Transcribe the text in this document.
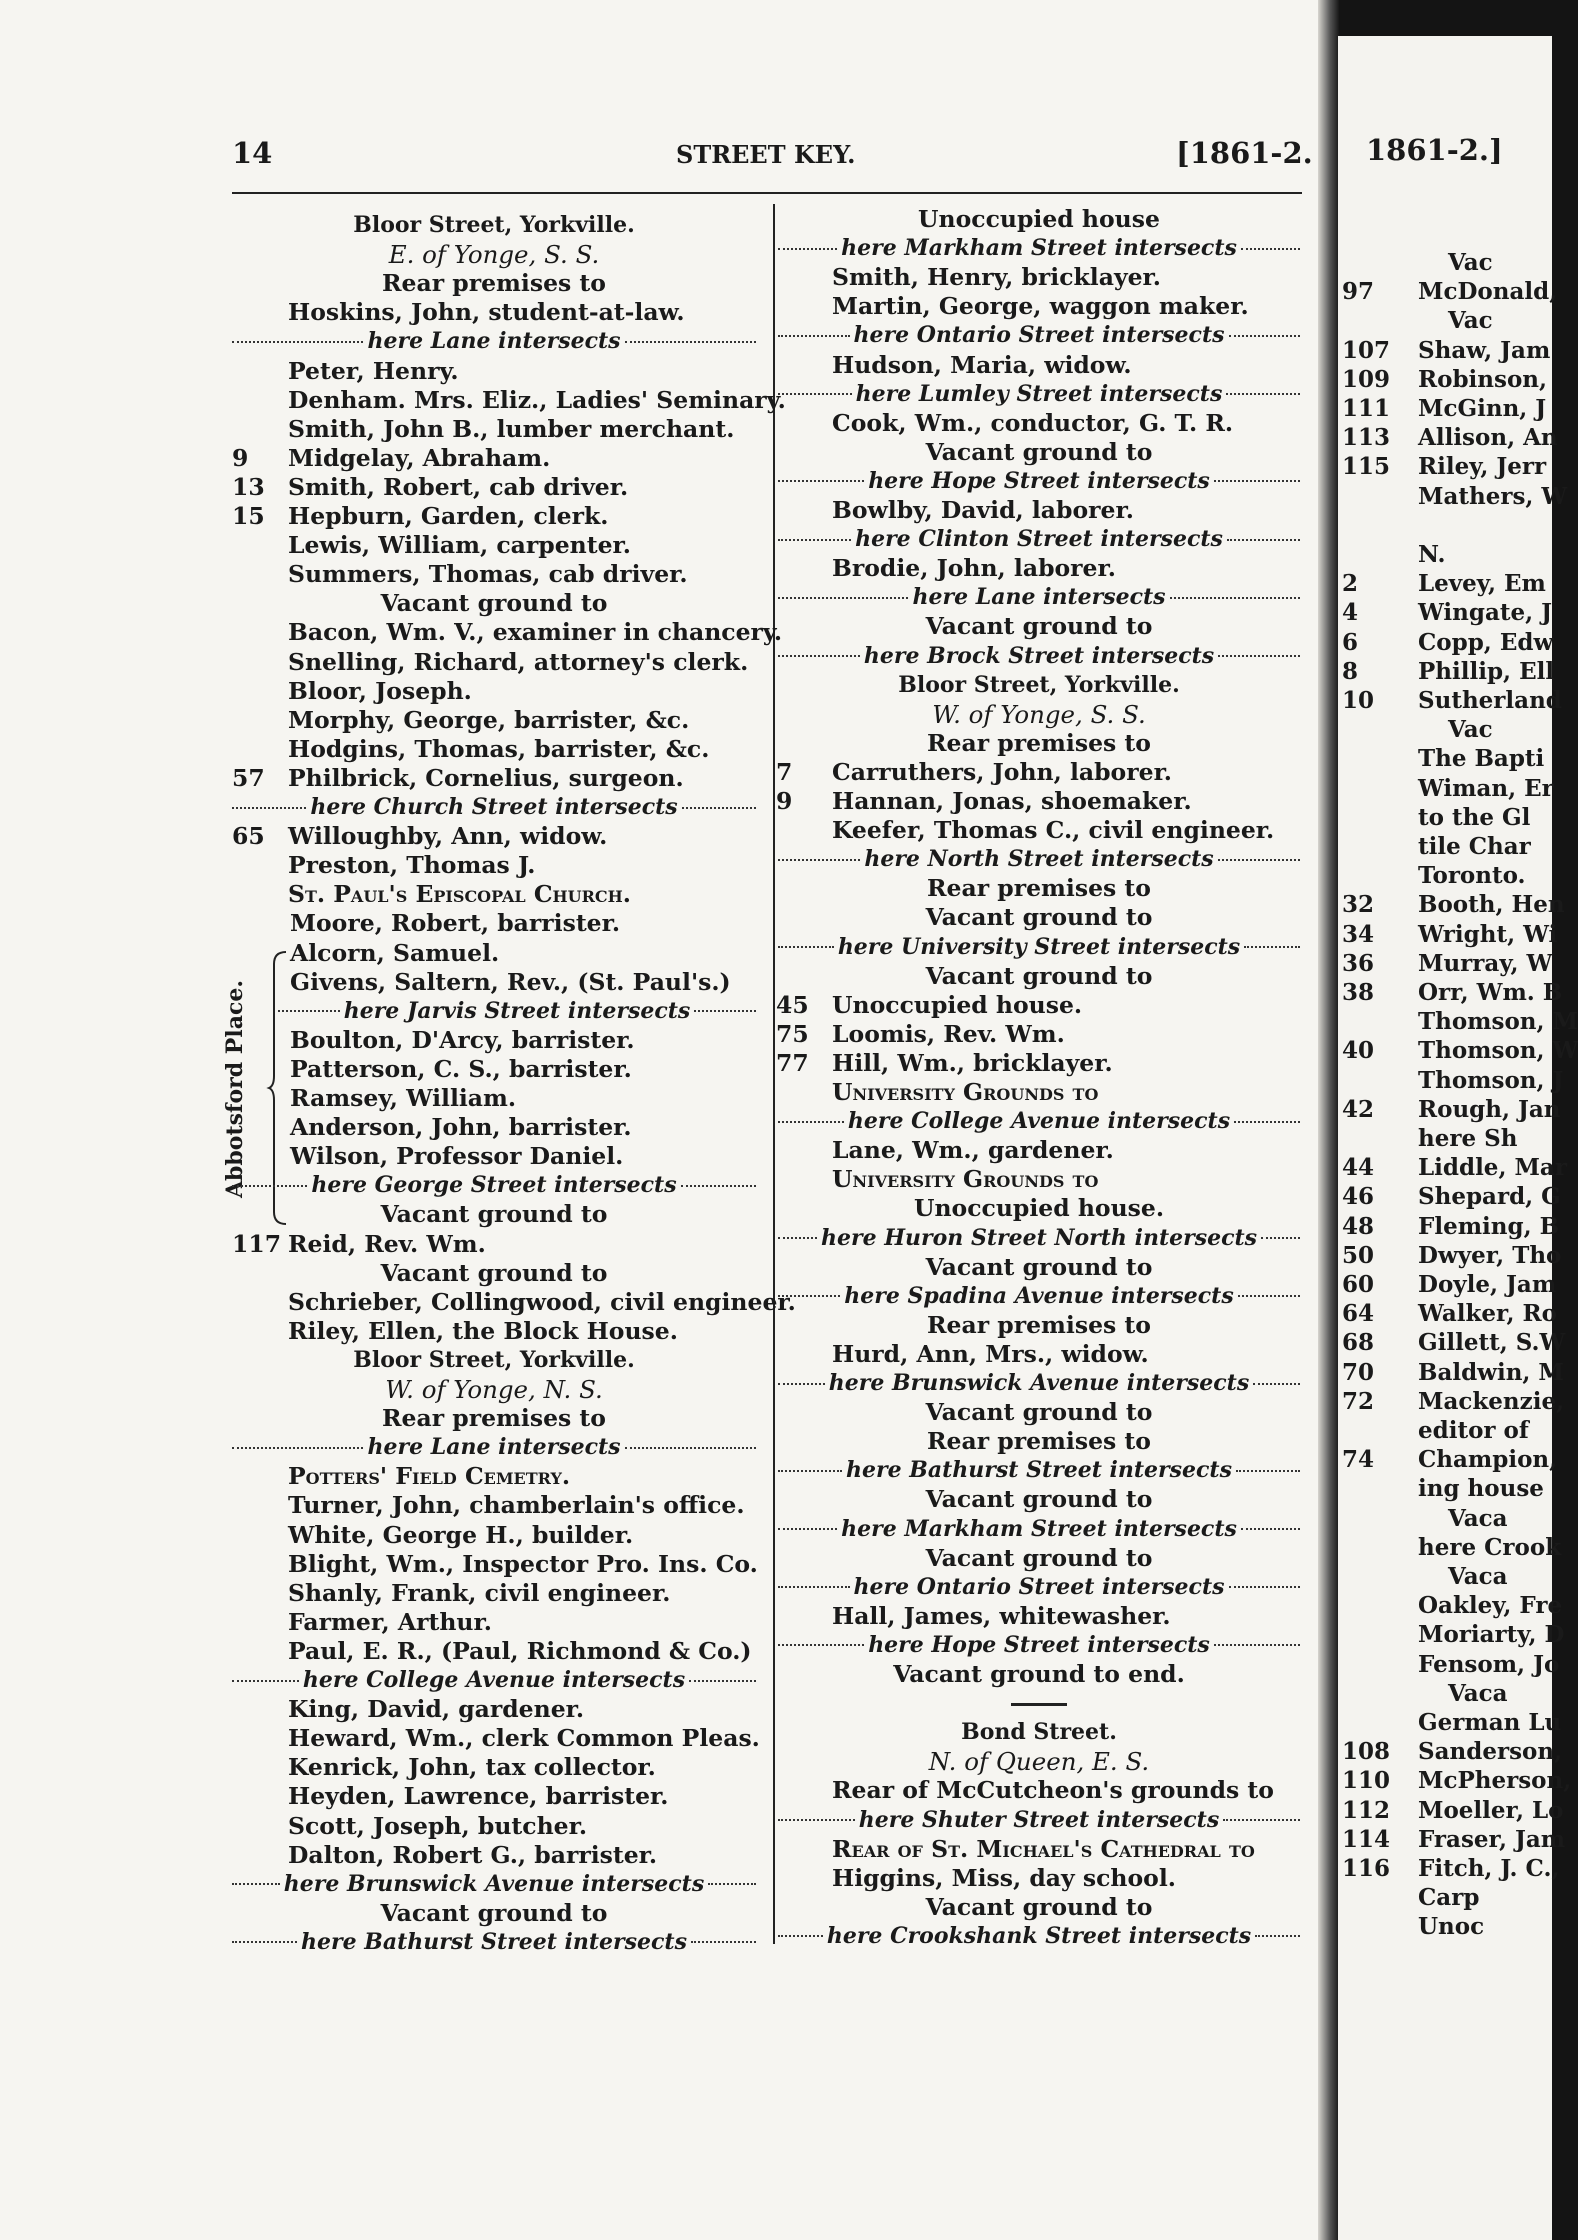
14	STREET KEY.	[1861-2.
Abbotsford Place.
Bloor Street, Yorkville.
E. of Yonge, S. S.
Rear premises to
Hoskins, John, student-at-law.
here Lane intersects
Peter, Henry.
Denham. Mrs. Eliz., Ladies' Seminary.
Smith, John B., lumber merchant.
9 Midgelay, Abraham.
13 Smith, Robert, cab driver.
15 Hepburn, Garden, clerk.
Lewis, William, carpenter.
Summers, Thomas, cab driver.
Vacant ground to
Bacon, Wm. V., examiner in chancery.
Snelling, Richard, attorney's clerk.
Bloor, Joseph.
Morphy, George, barrister, &c.
Hodgins, Thomas, barrister, &c.
57 Philbrick, Cornelius, surgeon.
here Church Street intersects
65 Willoughby, Ann, widow.
Preston, Thomas J.
St. Paul's Episcopal Church.
Moore, Robert, barrister.
Alcorn, Samuel.
Givens, Saltern, Rev., (St. Paul's.)
here Jarvis Street intersects
Boulton, D'Arcy, barrister.
Patterson, C. S., barrister.
Ramsey, William.
Anderson, John, barrister.
Wilson, Professor Daniel.
here George Street intersects
Vacant ground to
117 Reid, Rev. Wm.
Vacant ground to
Schrieber, Collingwood, civil engineer.
Riley, Ellen, the Block House.
Bloor Street, Yorkville.
W. of Yonge, N. S.
Rear premises to
here Lane intersects
Potters' Field Cemetry.
Turner, John, chamberlain's office.
White, George H., builder.
Blight, Wm., Inspector Pro. Ins. Co.
Shanly, Frank, civil engineer.
Farmer, Arthur.
Paul, E. R., (Paul, Richmond & Co.)
here College Avenue intersects
King, David, gardener.
Heward, Wm., clerk Common Pleas.
Kenrick, John, tax collector.
Heyden, Lawrence, barrister.
Scott, Joseph, butcher.
Dalton, Robert G., barrister.
here Brunswick Avenue intersects
Vacant ground to
here Bathurst Street intersects
Unoccupied house
here Markham Street intersects
Smith, Henry, bricklayer.
Martin, George, waggon maker.
here Ontario Street intersects
Hudson, Maria, widow.
here Lumley Street intersects
Cook, Wm., conductor, G. T. R.
Vacant ground to
here Hope Street intersects
Bowlby, David, laborer.
here Clinton Street intersects
Brodie, John, laborer.
here Lane intersects
Vacant ground to
here Brock Street intersects
Bloor Street, Yorkville.
W. of Yonge, S. S.
Rear premises to
7 Carruthers, John, laborer.
9 Hannan, Jonas, shoemaker.
Keefer, Thomas C., civil engineer.
here North Street intersects
Rear premises to
Vacant ground to
here University Street intersects
Vacant ground to
45 Unoccupied house.
75 Loomis, Rev. Wm.
77 Hill, Wm., bricklayer.
University Grounds to
here College Avenue intersects
Lane, Wm., gardener.
University Grounds to
Unoccupied house.
here Huron Street North intersects
Vacant ground to
here Spadina Avenue intersects
Rear premises to
Hurd, Ann, Mrs., widow.
here Brunswick Avenue intersects
Vacant ground to
Rear premises to
here Bathurst Street intersects
Vacant ground to
here Markham Street intersects
Vacant ground to
here Ontario Street intersects
Hall, James, whitewasher.
here Hope Street intersects
Vacant ground to end.
Bond Street.
N. of Queen, E. S.
Rear of McCutcheon's grounds to
here Shuter Street intersects
Rear of St. Michael's Cathedral to
Higgins, Miss, day school.
Vacant ground to
here Crookshank Street intersects
1861-2.]
Vac
97 McDonald,
Vac
107 Shaw, Jam
109 Robinson,
111 McGinn, J
113 Allison, An
115 Riley, Jerr
Mathers, W
N.
2	Levey, Em
4	Wingate, J
6	Copp, Edw
8	Phillip, Ell
10 Sutherland
Vac
The Bapti
Wiman, Er
to the Gl
tile Char
Toronto.
32 Booth, Hen
34 Wright, Wi
36 Murray, W
38 Orr, Wm. B
Thomson, M
40 Thomson, W
Thomson, J
42 Rough, Jan
here Sh
44 Liddle, Mar
46 Shepard, G
48 Fleming, B
50 Dwyer, Tho
60 Doyle, Jam
64 Walker, Ro
68 Gillett, S.W
70 Baldwin, M
72 Mackenzie,
editor of
74 Champion,
ing house
Vaca
here Crook
Vaca
Oakley, Fre
Moriarty, D
Fensom, Jo
Vaca
German Lu
108 Sanderson,
110 McPherson,
112 Moeller, Lo
114 Fraser, Jam
116 Fitch, J. C.,
Carp
Unoc
